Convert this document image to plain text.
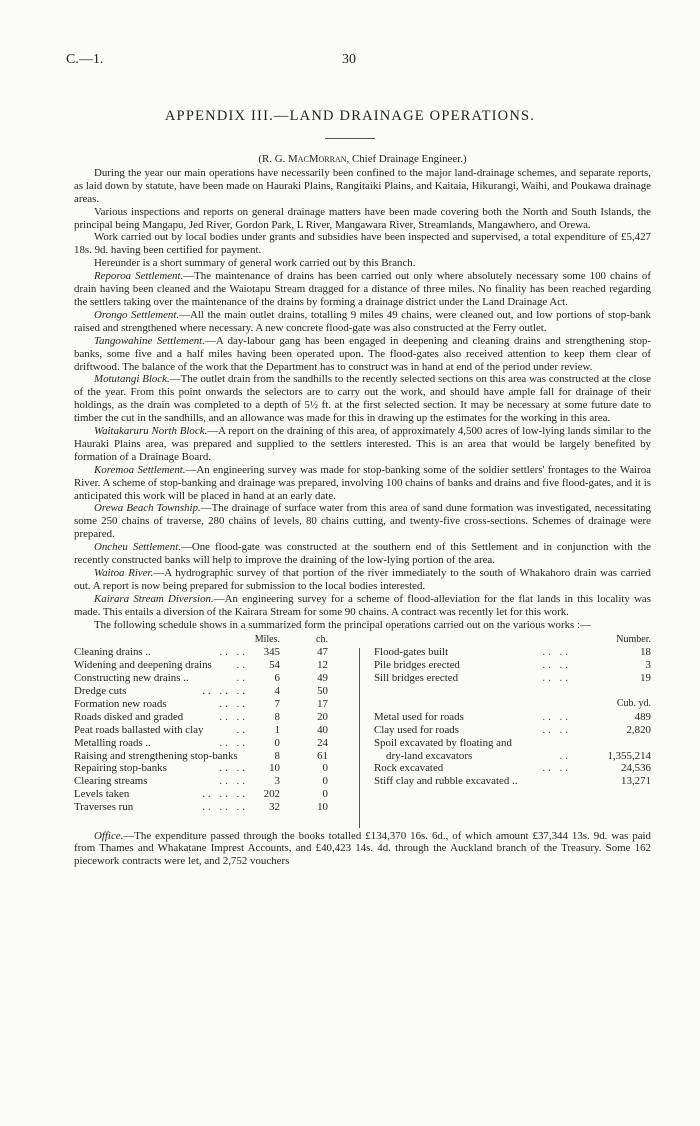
C.—1.	30
APPENDIX III.—LAND DRAINAGE OPERATIONS.

(R. G. MacMorran, Chief Drainage Engineer.)

During the year our main operations have necessarily been confined to the major land-drainage schemes, and separate reports, as laid down by statute, have been made on Hauraki Plains, Rangitaiki Plains, and Kaitaia, Hikurangi, Waihi, and Poukawa drainage areas.

Various inspections and reports on general drainage matters have been made covering both the North and South Islands, the principal being Mangapu, Jed River, Gordon Park, L River, Mangawara River, Streamlands, Mangawhero, and Orewa.

Work carried out by local bodies under grants and subsidies have been inspected and supervised, a total expenditure of £5,427 18s. 9d. having been certified for payment.

Hereunder is a short summary of general work carried out by this Branch.

Reporoa Settlement.—The maintenance of drains has been carried out only where absolutely necessary some 100 chains of drain having been cleaned and the Waiotapu Stream dragged for a distance of three miles. No finality has been reached regarding the settlers taking over the maintenance of the drains by forming a drainage district under the Land Drainage Act.

Orongo Settlement.—All the main outlet drains, totalling 9 miles 49 chains, were cleaned out, and low portions of stop-bank raised and strengthened where necessary. A new concrete flood-gate was also constructed at the Ferry outlet.

Tangowahine Settlement.—A day-labour gang has been engaged in deepening and cleaning drains and strengthening stop-banks, some five and a half miles having been operated upon. The flood-gates also received attention to keep them clear of driftwood. The balance of the work that the Department has to construct was in hand at end of the period under review.

Motutangi Block.—The outlet drain from the sandhills to the recently selected sections on this area was constructed at the close of the year. From this point onwards the selectors are to carry out the work, and should have ample fall for drainage of their holdings, as the drain was completed to a depth of 5½ ft. at the first selected section. It may be necessary at some future date to timber the cut in the sandhills, and an allowance was made for this in drawing up the estimates for the working in this area.

Waitakaruru North Block.—A report on the draining of this area, of approximately 4,500 acres of low-lying lands similar to the Hauraki Plains area, was prepared and supplied to the settlers interested. This is an area that would be largely benefited by formation of a Drainage Board.

Koremoa Settlement.—An engineering survey was made for stop-banking some of the soldier settlers' frontages to the Wairoa River. A scheme of stop-banking and drainage was prepared, involving 100 chains of banks and drains and five flood-gates, and it is anticipated this work will be placed in hand at an early date.

Orewa Beach Township.—The drainage of surface water from this area of sand dune formation was investigated, necessitating some 250 chains of traverse, 280 chains of levels, 80 chains cutting, and twenty-five cross-sections. Schemes of drainage were prepared.

Oncheu Settlement.—One flood-gate was constructed at the southern end of this Settlement and in conjunction with the recently constructed banks will help to improve the draining of the low-lying portion of the area.

Waitoa River.—A hydrographic survey of that portion of the river immediately to the south of Whakahoro drain was carried out. A report is now being prepared for submission to the local bodies interested.

Kairara Stream Diversion.—An engineering survey for a scheme of flood-alleviation for the flat lands in this locality was made. This entails a diversion of the Kairara Stream for some 90 chains. A contract was recently let for this work.

The following schedule shows in a summarized form the principal operations carried out on the various works :—

Miles.	ch.
Cleaning drains ..	.. .. 345	47
Widening and deepening drains .. 54	12
Constructing new drains ..	.. 6	49
Dredge cuts	.. .. .. 4	50
Formation new roads	.. .. 7	17
Roads disked and graded	.. .. 8	20
Peat roads ballasted with clay	.. 1	40
Metalling roads ..	.. .. 0	24
Raising and strengthening stop-banks	8	61
Repairing stop-banks	.. .. 10	0
Clearing streams	.. .. 3	0
Levels taken	.. .. .. 202	0
Traverses run	.. .. .. 32	10
Number.
Flood-gates built	.. ..	18
Pile bridges erected	.. ..	3
Sill bridges erected	.. ..	19
Cub. yd.
Metal used for roads	.. ..	489
Clay used for roads	.. ..	2,820
Spoil excavated by floating and
dry-land excavators	..	1,355,214
Rock excavated	.. ..	24,536
Stiff clay and rubble excavated ..	13,271

Office.—The expenditure passed through the books totalled £134,370 16s. 6d., of which amount £37,344 13s. 9d. was paid from Thames and Whakatane Imprest Accounts, and £40,423 14s. 4d. through the Auckland branch of the Treasury. Some 162 piecework contracts were let, and 2,752 vouchers
